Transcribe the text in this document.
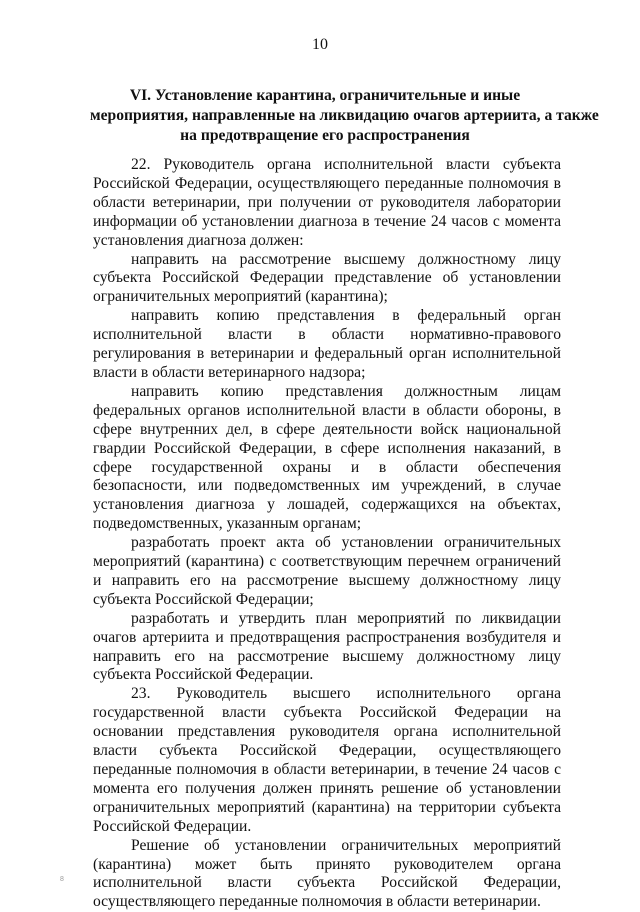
10
VI. Установление карантина, ограничительные и иные
мероприятия, направленные на ликвидацию очагов артериита, а также
на предотвращение его распространения

22. Руководитель органа исполнительной власти субъекта Российской Федерации, осуществляющего переданные полномочия в области ветеринарии, при получении от руководителя лаборатории информации об установлении диагноза в течение 24 часов с момента установления диагноза должен:

направить на рассмотрение высшему должностному лицу субъекта Российской Федерации представление об установлении ограничительных мероприятий (карантина);

направить копию представления в федеральный орган исполнительной власти в области нормативно-правового регулирования в ветеринарии и федеральный орган исполнительной власти в области ветеринарного надзора;

направить копию представления должностным лицам федеральных органов исполнительной власти в области обороны, в сфере внутренних дел, в сфере деятельности войск национальной гвардии Российской Федерации, в сфере исполнения наказаний, в сфере государственной охраны и в области обеспечения безопасности, или подведомственных им учреждений, в случае установления диагноза у лошадей, содержащихся на объектах, подведомственных, указанным органам;

разработать проект акта об установлении ограничительных мероприятий (карантина) с соответствующим перечнем ограничений и направить его на рассмотрение высшему должностному лицу субъекта Российской Федерации;

разработать и утвердить план мероприятий по ликвидации очагов артериита и предотвращения распространения возбудителя и направить его на рассмотрение высшему должностному лицу субъекта Российской Федерации.

23. Руководитель высшего исполнительного органа государственной власти субъекта Российской Федерации на основании представления руководителя органа исполнительной власти субъекта Российской Федерации, осуществляющего переданные полномочия в области ветеринарии, в течение 24 часов с момента его получения должен принять решение об установлении ограничительных мероприятий (карантина) на территории субъекта Российской Федерации.

Решение об установлении ограничительных мероприятий (карантина) может быть принято руководителем органа исполнительной власти субъекта Российской Федерации, осуществляющего переданные полномочия в области ветеринарии.

8
